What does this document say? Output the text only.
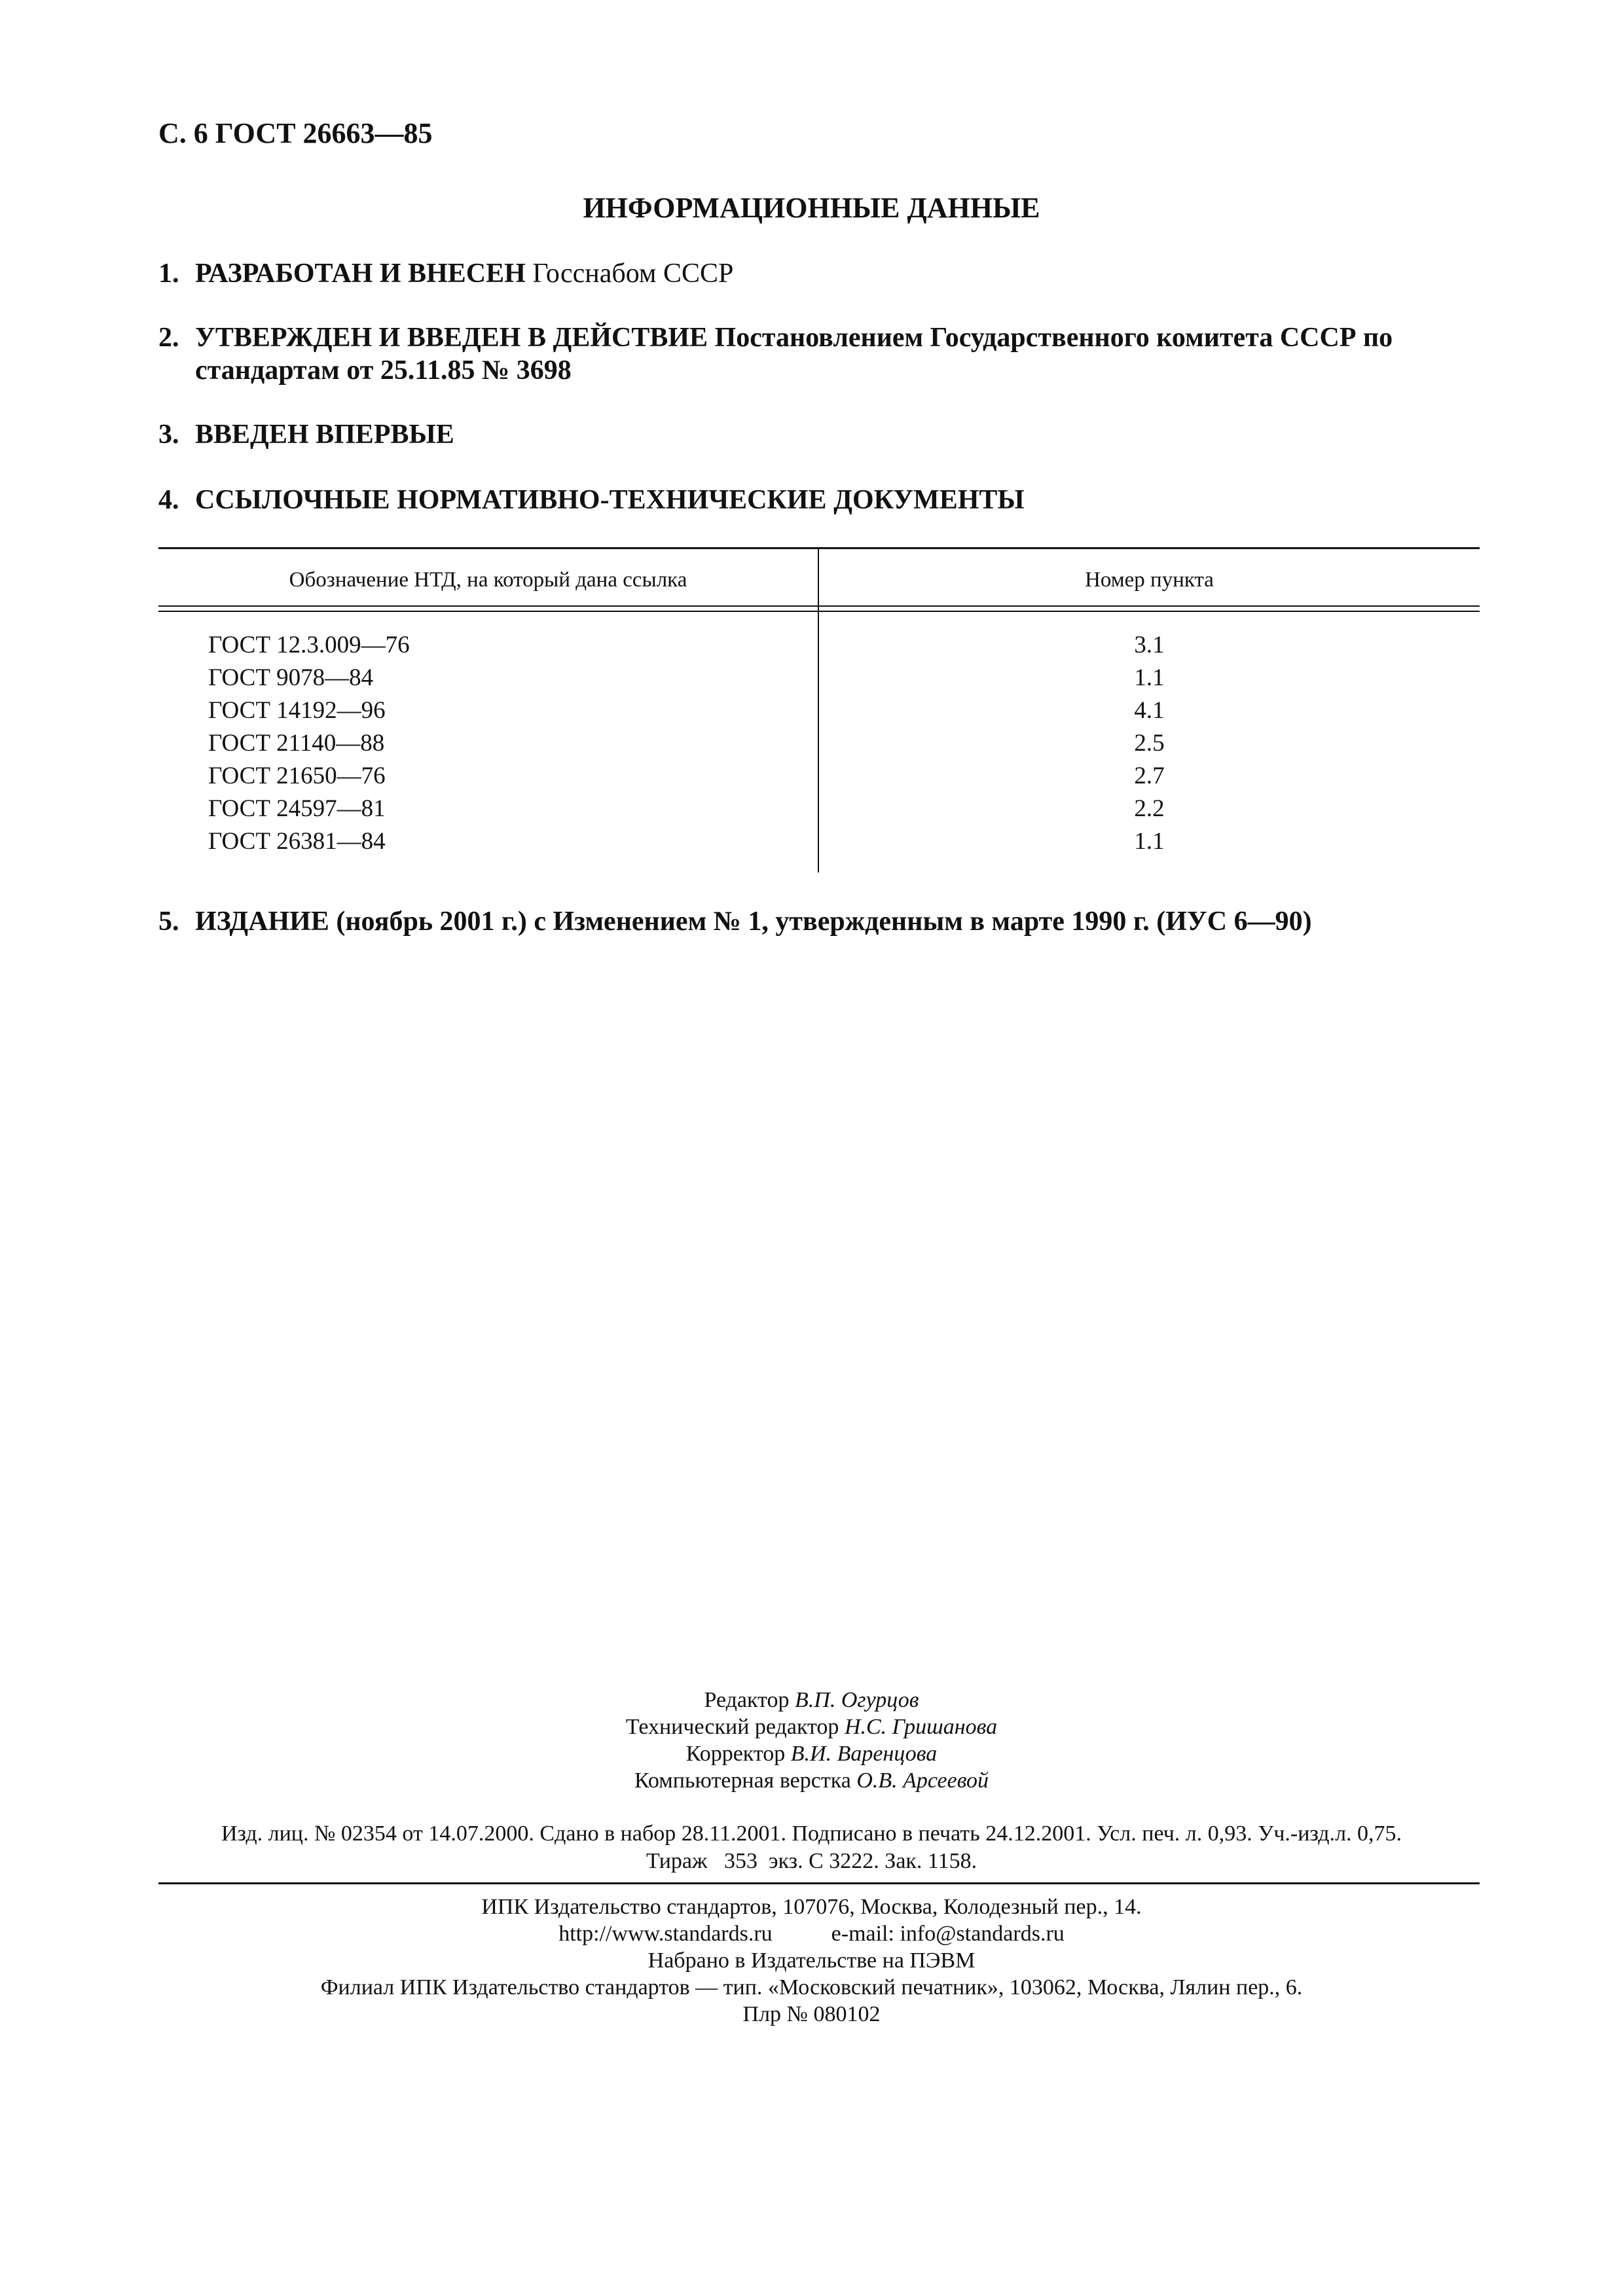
С. 6 ГОСТ 26663—85
ИНФОРМАЦИОННЫЕ ДАННЫЕ
1. РАЗРАБОТАН И ВНЕСЕН Госснабом СССР
2. УТВЕРЖДЕН И ВВЕДЕН В ДЕЙСТВИЕ Постановлением Государственного комитета СССР по
стандартам от 25.11.85 № 3698
3. ВВЕДЕН ВПЕРВЫЕ
4. ССЫЛОЧНЫЕ НОРМАТИВНО-ТЕХНИЧЕСКИЕ ДОКУМЕНТЫ
Обозначение НТД, на который дана ссылка	Номер пункта
ГОСТ 12.3.009—76	3.1
ГОСТ 9078—84	1.1
ГОСТ 14192—96	4.1
ГОСТ 21140—88	2.5
ГОСТ 21650—76	2.7
ГОСТ 24597—81	2.2
ГОСТ 26381—84	1.1
5. ИЗДАНИЕ (ноябрь 2001 г.) с Изменением № 1, утвержденным в марте 1990 г. (ИУС 6—90)
Редактор В.П. Огурцов
Технический редактор Н.С. Гришанова
Корректор В.И. Варенцова
Компьютерная верстка О.В. Арсеевой
Изд. лиц. № 02354 от 14.07.2000. Сдано в набор 28.11.2001. Подписано в печать 24.12.2001. Усл. печ. л. 0,93. Уч.-изд.л. 0,75.
Тираж   353  экз. С 3222. Зак. 1158.
ИПК Издательство стандартов, 107076, Москва, Колодезный пер., 14.
http://www.standards.ru	e-mail: info@standards.ru
Набрано в Издательстве на ПЭВМ
Филиал ИПК Издательство стандартов — тип. «Московский печатник», 103062, Москва, Лялин пер., 6.
Плр № 080102
